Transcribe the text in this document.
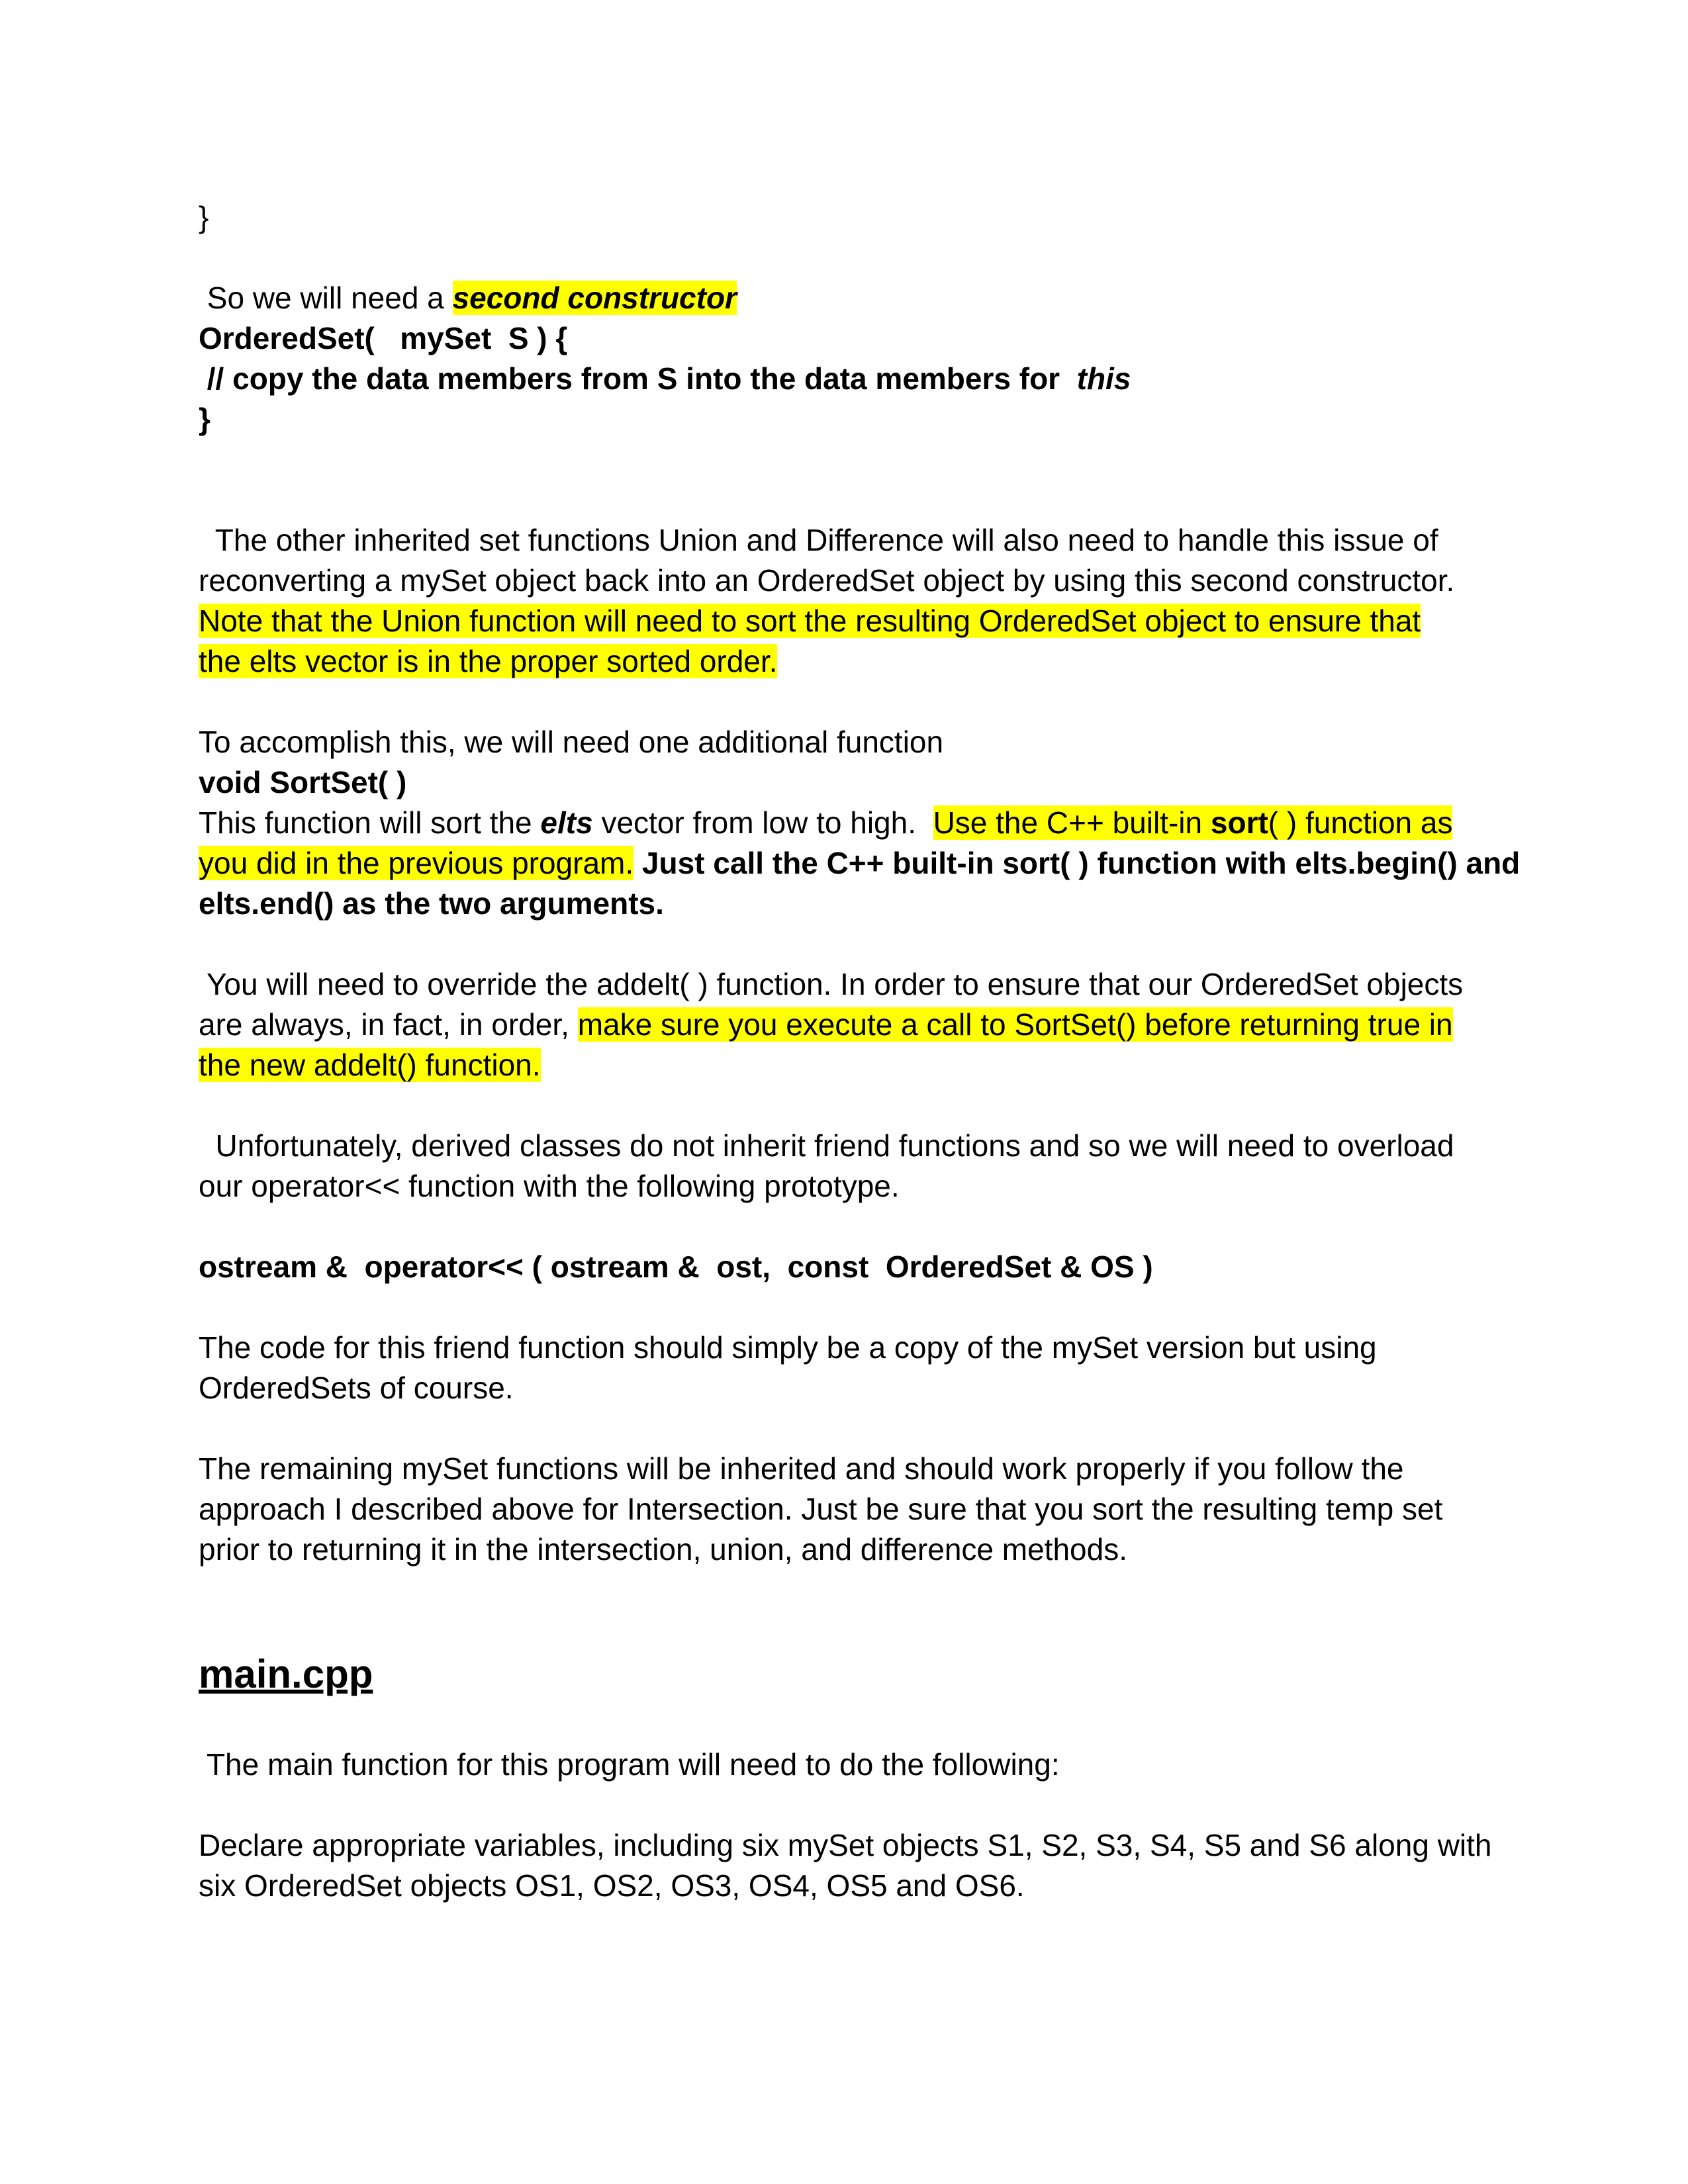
}
So we will need a second constructor
OrderedSet(   mySet  S ) {
// copy the data members from S into the data members for  this
}
The other inherited set functions Union and Difference will also need to handle this issue of
reconverting a mySet object back into an OrderedSet object by using this second constructor.
Note that the Union function will need to sort the resulting OrderedSet object to ensure that
the elts vector is in the proper sorted order.
To accomplish this, we will need one additional function
void SortSet( )
This function will sort the elts vector from low to high.  Use the C++ built-in sort( ) function as
you did in the previous program. Just call the C++ built-in sort( ) function with elts.begin() and
elts.end() as the two arguments.
You will need to override the addelt( ) function. In order to ensure that our OrderedSet objects
are always, in fact, in order, make sure you execute a call to SortSet() before returning true in
the new addelt() function.
Unfortunately, derived classes do not inherit friend functions and so we will need to overload
our operator<< function with the following prototype.
ostream &  operator<< ( ostream &  ost,  const  OrderedSet & OS )
The code for this friend function should simply be a copy of the mySet version but using
OrderedSets of course.
The remaining mySet functions will be inherited and should work properly if you follow the
approach I described above for Intersection. Just be sure that you sort the resulting temp set
prior to returning it in the intersection, union, and difference methods.
main.cpp
The main function for this program will need to do the following:
Declare appropriate variables, including six mySet objects S1, S2, S3, S4, S5 and S6 along with
six OrderedSet objects OS1, OS2, OS3, OS4, OS5 and OS6.
